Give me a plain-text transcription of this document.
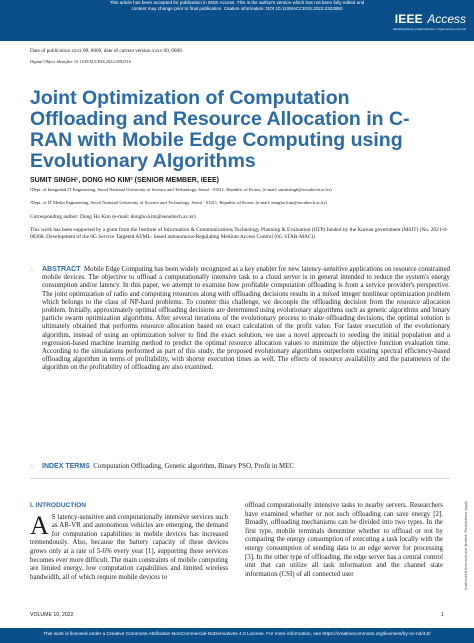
This article has been accepted for publication in IEEE Access. This is the author's version which has not been fully edited and
content may change prior to final publication. Citation information: DOI 10.1109/ACCESS.2023.3322850
IEEE Access
Multidisciplinary | Rapid Review | Open Access Journal
Date of publication xxxx 00, 0000, date of current version xxxx 00, 0000.
Digital Object Identifier 10.1109/ACCESS.2022.0092316
Joint Optimization of Computation Offloading and Resource Allocation in C-RAN with Mobile Edge Computing using Evolutionary Algorithms
SUMIT SINGH¹, DONG HO KIM² (SENIOR MEMBER, IEEE)
¹Dept. of Integrated IT Engineering, Seoul National University of Science and Technology, Seoul - 01811, Republic of Korea, (e-mail: sumitsingh@seoultech.ac.kr)
²Dept. of IT Media Engineering, Seoul National University of Science and Technology, Seoul - 01811, Republic of Korea, (e-mail: dongho.kim@seoultech.ac.kr)
Corresponding author: Dong Ho Kim (e-mail: dongho.kim@seoultech.ac.kr).
This work has been supported by a grant from the Institute of Information & Communications Technology Planning & Evaluation (IITP) funded by the Korean government (MSIT) (No. 2021-0-00368, Development of the 6G Service Targeted AI/ML- based autonomous-Regulating Medium Access Control (6G STAR-MAC))
∴	ABSTRACT Mobile Edge Computing has been widely recognized as a key enabler for new latency-sensitive applications on resource constrained mobile devices. The objective to offload a computationally intensive task to a cloud server is in general intended to reduce the system's energy consumption and/or latency. In this paper, we attempt to examine how profitable computation offloading is from a service provider's perspective. The joint optimization of radio and computing resources along with offloading decisions results in a mixed integer nonlinear optimization problem which belongs to the class of NP-hard problems. To counter this challenge, we decouple the offloading decision from the resource allocation problem. Initially, approximately optimal offloading decisions are determined using evolutionary algorithms such as genetic algorithms and binary particle swarm optimization algorithms. After several iterations of the evolutionary process to make offloading decisions, the optimal solution is ultimately obtained that performs resource allocation based on exact calculation of the profit value. For faster execution of the evolutionary algorithm, instead of using an optimization solver to find the exact solution, we use a novel approach to seeding the initial population and a regression-based machine learning method to predict the optimal resource allocation values to minimize the objective function evaluation time. According to the simulations performed as part of this study, the proposed evolutionary algorithms outperform existing spectral efficiency-based offloading algorithm in terms of profitability, with shorter execution times as well. The effects of resource availability and the parameters of the algorithm on the profitability of offloading are also examined.

∴ INDEX TERMS Computation Offloading, Genetic algorithm, Binary PSO, Profit in MEC
I. INTRODUCTION
A S latency-sensitive and computationally intensive services such as AR-VR and autonomous vehicles are emerging, the demand for computation capabilities in mobile devices has increased tremendously. Also, because the battery capacity of these devices grows only at a rate of 5-6% every year [1], supporting these services becomes ever more difficult. The main constraints of mobile computing are limited energy, low computation capabilities and limited wireless bandwidth, all of which require mobile devices to
offload computationally intensive tasks to nearby servers. Researchers have examined whether or not such offloading can save energy [2]. Broadly, offloading mechanisms can be divided into two types. In the first type, mobile terminals determine whether to offload or not by comparing the energy consumption of executing a task locally with the energy consumption of sending data to an edge server for processing [3]. In the other type of offloading, the edge server has a central control unit that can utilize all task information and the channel state information (CSI) of all connected user	Authorized licensed use limited. Restrictions apply.
VOLUME 10, 2022	1
This work is licensed under a Creative Commons Attribution-NonCommercial-NoDerivatives 4.0 License. For more information, see https://creativecommons.org/licenses/by-nc-nd/4.0/
